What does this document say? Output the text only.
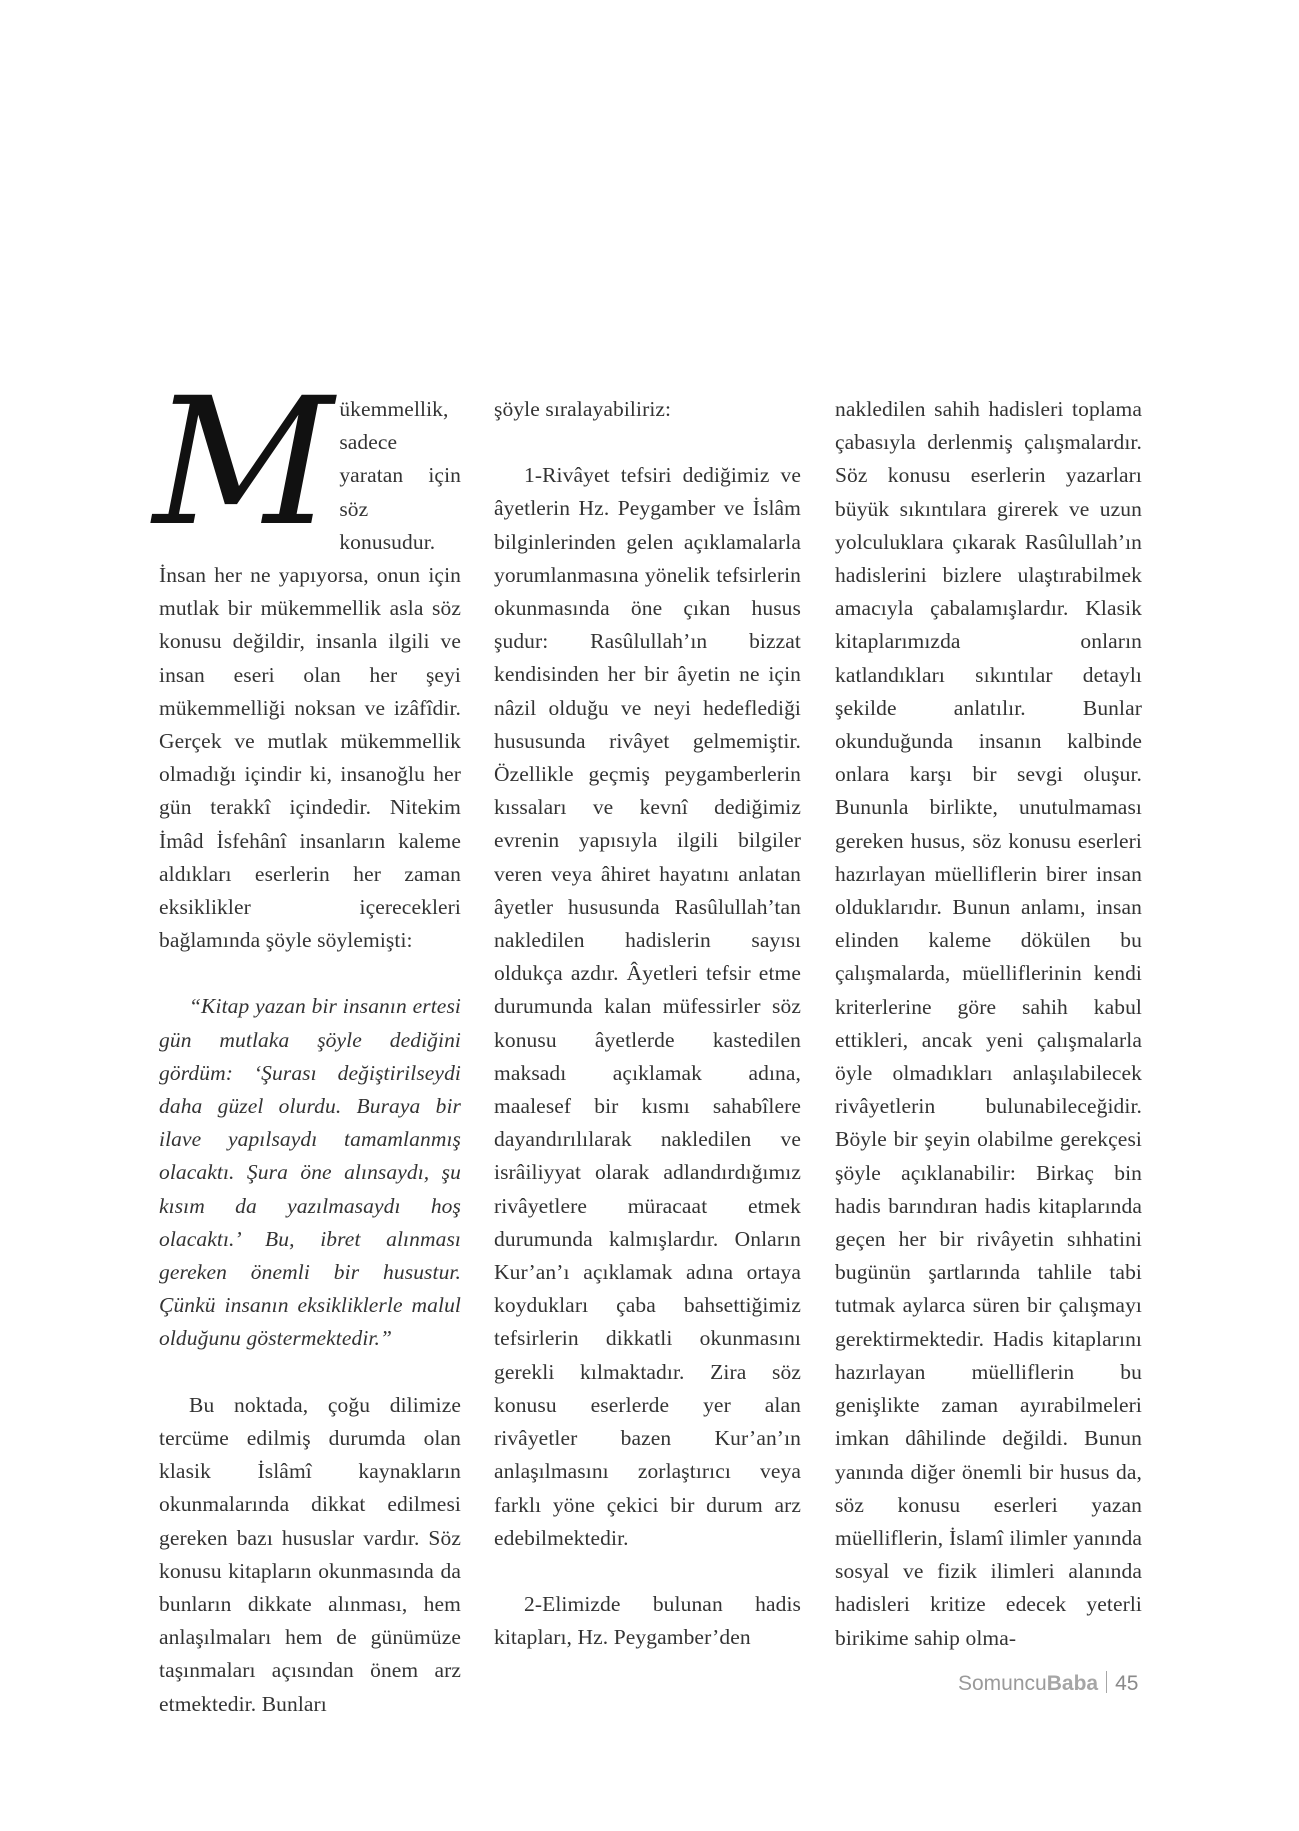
Mükemmellik, sadece yaratan için söz konusudur. İnsan her ne yapıyorsa, onun için mutlak bir mükemmellik asla söz konusu değildir, insanla ilgili ve insan eseri olan her şeyi mükemmelliği noksan ve izâfîdir. Gerçek ve mutlak mükemmellik olmadığı içindir ki, insanoğlu her gün terakkî içindedir. Nitekim İmâd İsfehânî insanların kaleme aldıkları eserlerin her zaman eksiklikler içerecekleri bağlamında şöyle söylemişti:

“Kitap yazan bir insanın ertesi gün mutlaka şöyle dediğini gördüm: ‘Şurası değiştirilseydi daha güzel olurdu. Buraya bir ilave yapılsaydı tamamlanmış olacaktı. Şura öne alınsaydı, şu kısım da yazılmasaydı hoş olacaktı.’ Bu, ibret alınması gereken önemli bir husustur. Çünkü insanın eksikliklerle malul olduğunu göstermektedir.”

Bu noktada, çoğu dilimize tercüme edilmiş durumda olan klasik İslâmî kaynakların okunmalarında dikkat edilmesi gereken bazı hususlar vardır. Söz konusu kitapların okunmasında da bunların dikkate alınması, hem anlaşılmaları hem de günümüze taşınmaları açısından önem arz etmektedir. Bunları

şöyle sıralayabiliriz:

1-Rivâyet tefsiri dediğimiz ve âyetlerin Hz. Peygamber ve İslâm bilginlerinden gelen açıklamalarla yorumlanmasına yönelik tefsirlerin okunmasında öne çıkan husus şudur: Rasûlullah’ın bizzat kendisinden her bir âyetin ne için nâzil olduğu ve neyi hedeflediği hususunda rivâyet gelmemiştir. Özellikle geçmiş peygamberlerin kıssaları ve kevnî dediğimiz evrenin yapısıyla ilgili bilgiler veren veya âhiret hayatını anlatan âyetler hususunda Rasûlullah’tan nakledilen hadislerin sayısı oldukça azdır. Âyetleri tefsir etme durumunda kalan müfessirler söz konusu âyetlerde kastedilen maksadı açıklamak adına, maalesef bir kısmı sahabîlere dayandırılılarak nakledilen ve isrâiliyyat olarak adlandırdığımız rivâyetlere müracaat etmek durumunda kalmışlardır. Onların Kur’an’ı açıklamak adına ortaya koydukları çaba bahsettiğimiz tefsirlerin dikkatli okunmasını gerekli kılmaktadır. Zira söz konusu eserlerde yer alan rivâyetler bazen Kur’an’ın anlaşılmasını zorlaştırıcı veya farklı yöne çekici bir durum arz edebilmektedir.

2-Elimizde bulunan hadis kitapları, Hz. Peygamber’den

nakledilen sahih hadisleri toplama çabasıyla derlenmiş çalışmalardır. Söz konusu eserlerin yazarları büyük sıkıntılara girerek ve uzun yolculuklara çıkarak Rasûlullah’ın hadislerini bizlere ulaştırabilmek amacıyla çabalamışlardır. Klasik kitaplarımızda onların katlandıkları sıkıntılar detaylı şekilde anlatılır. Bunlar okunduğunda insanın kalbinde onlara karşı bir sevgi oluşur. Bununla birlikte, unutulmaması gereken husus, söz konusu eserleri hazırlayan müelliflerin birer insan olduklarıdır. Bunun anlamı, insan elinden kaleme dökülen bu çalışmalarda, müelliflerinin kendi kriterlerine göre sahih kabul ettikleri, ancak yeni çalışmalarla öyle olmadıkları anlaşılabilecek rivâyetlerin bulunabileceğidir. Böyle bir şeyin olabilme gerekçesi şöyle açıklanabilir: Birkaç bin hadis barındıran hadis kitaplarında geçen her bir rivâyetin sıhhatini bugünün şartlarında tahlile tabi tutmak aylarca süren bir çalışmayı gerektirmektedir. Hadis kitaplarını hazırlayan müelliflerin bu genişlikte zaman ayırabilmeleri imkan dâhilinde değildi. Bunun yanında diğer önemli bir husus da, söz konusu eserleri yazan müelliflerin, İslamî ilimler yanında sosyal ve fizik ilimleri alanında hadisleri kritize edecek yeterli birikime sahip olma-

SomuncuBaba 45
